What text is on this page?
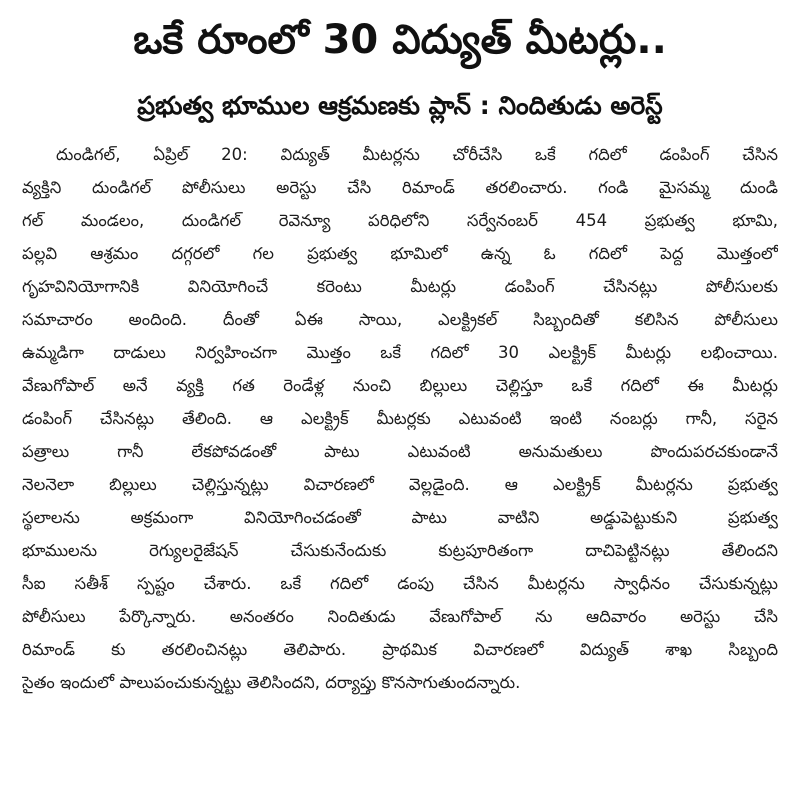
ఒకే రూంలో 30 విద్యుత్ మీటర్లు..
ప్రభుత్వ భూముల ఆక్రమణకు ప్లాన్ : నిందితుడు అరెస్ట్
దుండిగల్, ఏప్రిల్ 20: విద్యుత్ మీటర్లను చోరీచేసి ఒకే గదిలో డంపింగ్ చేసిన
వ్యక్తిని దుండిగల్ పోలీసులు అరెస్టు చేసి రిమాండ్ తరలించారు. గండి మైసమ్మ దుండి
గల్ మండలం, దుండిగల్ రెవెన్యూ పరిధిలోని సర్వేనంబర్ 454 ప్రభుత్వ భూమి,
పల్లవి ఆశ్రమం దగ్గరలో గల ప్రభుత్వ భూమిలో ఉన్న ఓ గదిలో పెద్ద మొత్తంలో
గృహవినియోగానికి వినియోగించే కరెంటు మీటర్లు డంపింగ్ చేసినట్లు పోలీసులకు
సమాచారం అందింది. దీంతో ఏఈ సాయి, ఎలక్ట్రికల్ సిబ్బందితో కలిసిన పోలీసులు
ఉమ్మడిగా దాడులు నిర్వహించగా మొత్తం ఒకే గదిలో 30 ఎలక్ట్రిక్ మీటర్లు లభించాయి.
వేణుగోపాల్ అనే వ్యక్తి గత రెండేళ్ల నుంచి బిల్లులు చెల్లిస్తూ ఒకే గదిలో ఈ మీటర్లు
డంపింగ్ చేసినట్లు తేలింది. ఆ ఎలక్ట్రిక్ మీటర్లకు ఎటువంటి ఇంటి నంబర్లు గానీ, సరైన
పత్రాలు గానీ లేకపోవడంతో పాటు ఎటువంటి అనుమతులు పొందుపరచకుండానే
నెలనెలా బిల్లులు చెల్లిస్తున్నట్లు విచారణలో వెల్లడైంది. ఆ ఎలక్ట్రిక్ మీటర్లను ప్రభుత్వ
స్థలాలను అక్రమంగా వినియోగించడంతో పాటు వాటిని అడ్డుపెట్టుకుని ప్రభుత్వ
భూములను రెగ్యులరైజేషన్ చేసుకునేందుకు కుట్రపూరితంగా దాచిపెట్టినట్లు తేలిందని
సీఐ సతీశ్ స్పష్టం చేశారు. ఒకే గదిలో డంపు చేసిన మీటర్లను స్వాధీనం చేసుకున్నట్లు
పోలీసులు పేర్కొన్నారు. అనంతరం నిందితుడు వేణుగోపాల్ ను ఆదివారం అరెస్టు చేసి
రిమాండ్ కు తరలించినట్లు తెలిపారు. ప్రాథమిక విచారణలో విద్యుత్ శాఖ సిబ్బంది
సైతం ఇందులో పాలుపంచుకున్నట్టు తెలిసిందని, దర్యాప్తు కొనసాగుతుందన్నారు.
